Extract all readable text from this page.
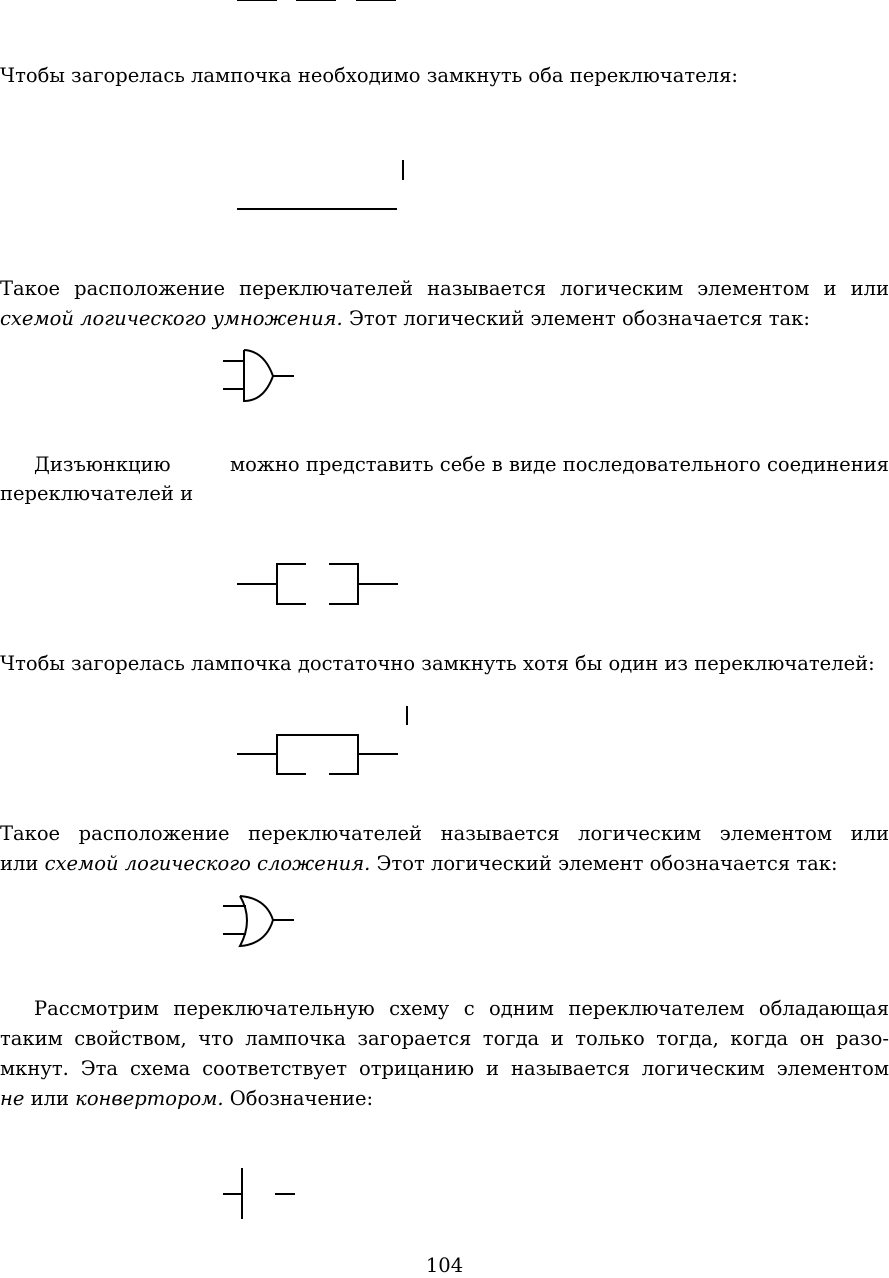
Чтобы загорелась лампочка необходимо замкнуть оба переключателя:
Такое расположение переключателей называется логическим элементом и или
схемой логического умножения. Этот логический элемент обозначается так:
Дизъюнкцию	можно представить себе в виде последовательного соединения
переключателей и
Чтобы загорелась лампочка достаточно замкнуть хотя бы один из переключателей:
Такое расположение переключателей называется логическим элементом или
или схемой логического сложения. Этот логический элемент обозначается так:
Рассмотрим переключательную схему с одним переключателем обладающая
таким свойством, что лампочка загорается тогда и только тогда, когда он разо-
мкнут. Эта схема соответствует отрицанию и называется логическим элементом
не или конвертором. Обозначение:
104
